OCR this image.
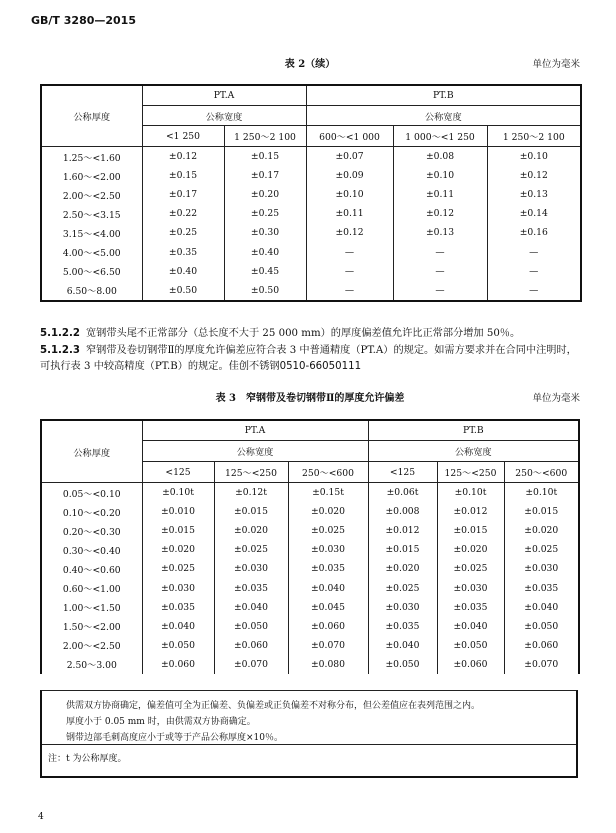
GB/T 3280—2015
表 2（续）	单位为毫米
公称厚度	PT.A		PT.B		
	公称宽度		公称宽度		
	<1 250	1 250～2 100	600～<1 000	1 000～<1 250	1 250～2 100
1.25～<1.60	±0.12	±0.15	±0.07	±0.08	±0.10
1.60～<2.00	±0.15	±0.17	±0.09	±0.10	±0.12
2.00～<2.50	±0.17	±0.20	±0.10	±0.11	±0.13
2.50～<3.15	±0.22	±0.25	±0.11	±0.12	±0.14
3.15～<4.00	±0.25	±0.30	±0.12	±0.13	±0.16
4.00～<5.00	±0.35	±0.40	—	—	—
5.00～<6.50	±0.40	±0.45	—	—	—
6.50～8.00	±0.50	±0.50	—	—	—
5.1.2.2 宽钢带头尾不正常部分（总长度不大于 25 000 mm）的厚度偏差值允许比正常部分增加 50％。
5.1.2.3 窄钢带及卷切钢带Ⅱ的厚度允许偏差应符合表 3 中普通精度（PT.A）的规定。如需方要求并在合同中注明时，可执行表 3 中较高精度（PT.B）的规定。佳创不锈钢0510-66050111
表 3　窄钢带及卷切钢带Ⅱ的厚度允许偏差	单位为毫米
公称厚度	PT.A			PT.B		
	公称宽度			公称宽度		
	<125	125～<250	250～<600	<125	125～<250	250～<600
0.05～<0.10	±0.10t	±0.12t	±0.15t	±0.06t	±0.10t	±0.10t
0.10～<0.20	±0.010	±0.015	±0.020	±0.008	±0.012	±0.015
0.20～<0.30	±0.015	±0.020	±0.025	±0.012	±0.015	±0.020
0.30～<0.40	±0.020	±0.025	±0.030	±0.015	±0.020	±0.025
0.40～<0.60	±0.025	±0.030	±0.035	±0.020	±0.025	±0.030
0.60～<1.00	±0.030	±0.035	±0.040	±0.025	±0.030	±0.035
1.00～<1.50	±0.035	±0.040	±0.045	±0.030	±0.035	±0.040
1.50～<2.00	±0.040	±0.050	±0.060	±0.035	±0.040	±0.050
2.00～<2.50	±0.050	±0.060	±0.070	±0.040	±0.050	±0.060
2.50～3.00	±0.060	±0.070	±0.080	±0.050	±0.060	±0.070
供需双方协商确定，偏差值可全为正偏差、负偏差或正负偏差不对称分布，但公差值应在表列范围之内。
厚度小于 0.05 mm 时，由供需双方协商确定。
钢带边部毛刺高度应小于或等于产品公称厚度×10％。
注：t 为公称厚度。
4
